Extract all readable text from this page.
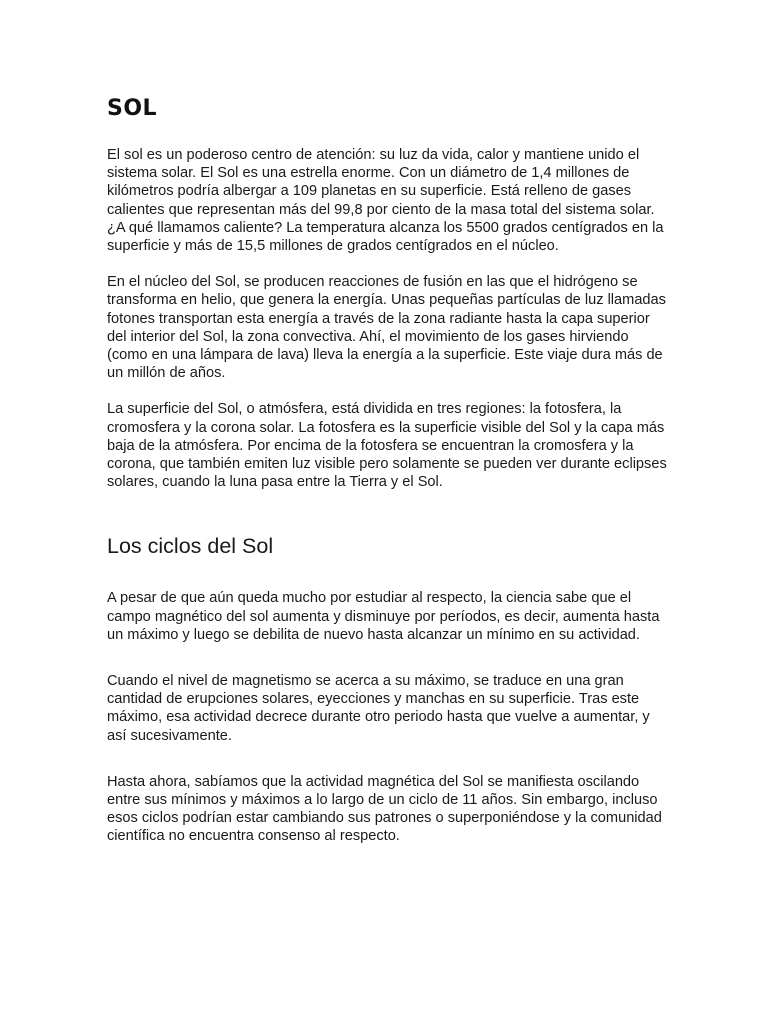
SOL

El sol es un poderoso centro de atención: su luz da vida, calor y mantiene unido el sistema solar. El Sol es una estrella enorme. Con un diámetro de 1,4 millones de kilómetros podría albergar a 109 planetas en su superficie. Está relleno de gases calientes que representan más del 99,8 por ciento de la masa total del sistema solar. ¿A qué llamamos caliente? La temperatura alcanza los 5500 grados centígrados en la superficie y más de 15,5 millones de grados centígrados en el núcleo.

En el núcleo del Sol, se producen reacciones de fusión en las que el hidrógeno se transforma en helio, que genera la energía. Unas pequeñas partículas de luz llamadas fotones transportan esta energía a través de la zona radiante hasta la capa superior del interior del Sol, la zona convectiva. Ahí, el movimiento de los gases hirviendo (como en una lámpara de lava) lleva la energía a la superficie. Este viaje dura más de un millón de años.

La superficie del Sol, o atmósfera, está dividida en tres regiones: la fotosfera, la cromosfera y la corona solar. La fotosfera es la superficie visible del Sol y la capa más baja de la atmósfera. Por encima de la fotosfera se encuentran la cromosfera y la corona, que también emiten luz visible pero solamente se pueden ver durante eclipses solares, cuando la luna pasa entre la Tierra y el Sol.

Los ciclos del Sol

A pesar de que aún queda mucho por estudiar al respecto, la ciencia sabe que el campo magnético del sol aumenta y disminuye por períodos, es decir, aumenta hasta un máximo y luego se debilita de nuevo hasta alcanzar un mínimo en su actividad.

Cuando el nivel de magnetismo se acerca a su máximo, se traduce en una gran cantidad de erupciones solares, eyecciones y manchas en su superficie. Tras este máximo, esa actividad decrece durante otro periodo hasta que vuelve a aumentar, y así sucesivamente.

Hasta ahora, sabíamos que la actividad magnética del Sol se manifiesta oscilando entre sus mínimos y máximos a lo largo de un ciclo de 11 años. Sin embargo, incluso esos ciclos podrían estar cambiando sus patrones o superponiéndose y la comunidad científica no encuentra consenso al respecto.
